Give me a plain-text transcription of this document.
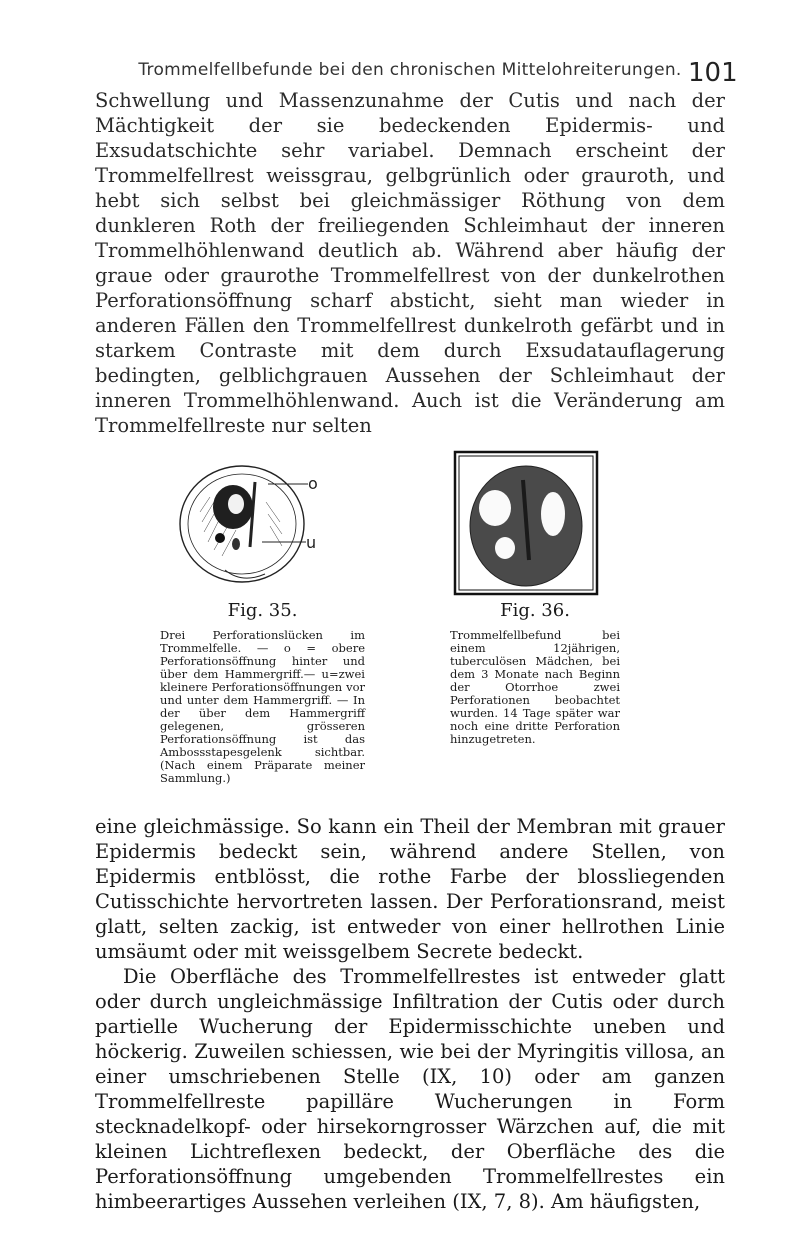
Trommelfellbefunde bei den chronischen Mittelohreiterungen. 101

Schwellung und Massenzunahme der Cutis und nach der Mächtigkeit der sie bedeckenden Epidermis- und Exsudatschichte sehr variabel. Demnach erscheint der Trommelfellrest weissgrau, gelbgrünlich oder grauroth, und hebt sich selbst bei gleichmässiger Röthung von dem dunkleren Roth der freiliegenden Schleimhaut der inneren Trommelhöhlenwand deutlich ab. Während aber häufig der graue oder graurothe Trommelfellrest von der dunkelrothen Perforationsöffnung scharf absticht, sieht man wieder in anderen Fällen den Trommelfellrest dunkelroth gefärbt und in starkem Contraste mit dem durch Exsudatauflagerung bedingten, gelblichgrauen Aussehen der Schleimhaut der inneren Trommelhöhlenwand. Auch ist die Veränderung am Trommelfellreste nur selten

o
u

Fig. 35.

Drei Perforationslücken im Trommelfelle. — o = obere Perforationsöffnung hinter und über dem Hammergriff.— u=zwei kleinere Perforationsöffnungen vor und unter dem Hammergriff. — In der über dem Hammergriff gelegenen, grösseren Perforationsöffnung ist das Ambossstapesgelenk sichtbar. (Nach einem Präparate meiner Sammlung.)

Fig. 36.

Trommelfellbefund bei einem 12jährigen, tuberculösen Mädchen, bei dem 3 Monate nach Beginn der Otorrhoe zwei Perforationen beobachtet wurden. 14 Tage später war noch eine dritte Perforation hinzugetreten.

eine gleichmässige. So kann ein Theil der Membran mit grauer Epidermis bedeckt sein, während andere Stellen, von Epidermis entblösst, die rothe Farbe der blossliegenden Cutisschichte hervortreten lassen. Der Perforationsrand, meist glatt, selten zackig, ist entweder von einer hellrothen Linie umsäumt oder mit weissgelbem Secrete bedeckt.

Die Oberfläche des Trommelfellrestes ist entweder glatt oder durch ungleichmässige Infiltration der Cutis oder durch partielle Wucherung der Epidermisschichte uneben und höckerig. Zuweilen schiessen, wie bei der Myringitis villosa, an einer umschriebenen Stelle (IX, 10) oder am ganzen Trommelfellreste papilläre Wucherungen in Form stecknadelkopf- oder hirsekorngrosser Wärzchen auf, die mit kleinen Lichtreflexen bedeckt, der Oberfläche des die Perforationsöffnung umgebenden Trommelfellrestes ein himbeerartiges Aussehen verleihen (IX, 7, 8). Am häufigsten,
